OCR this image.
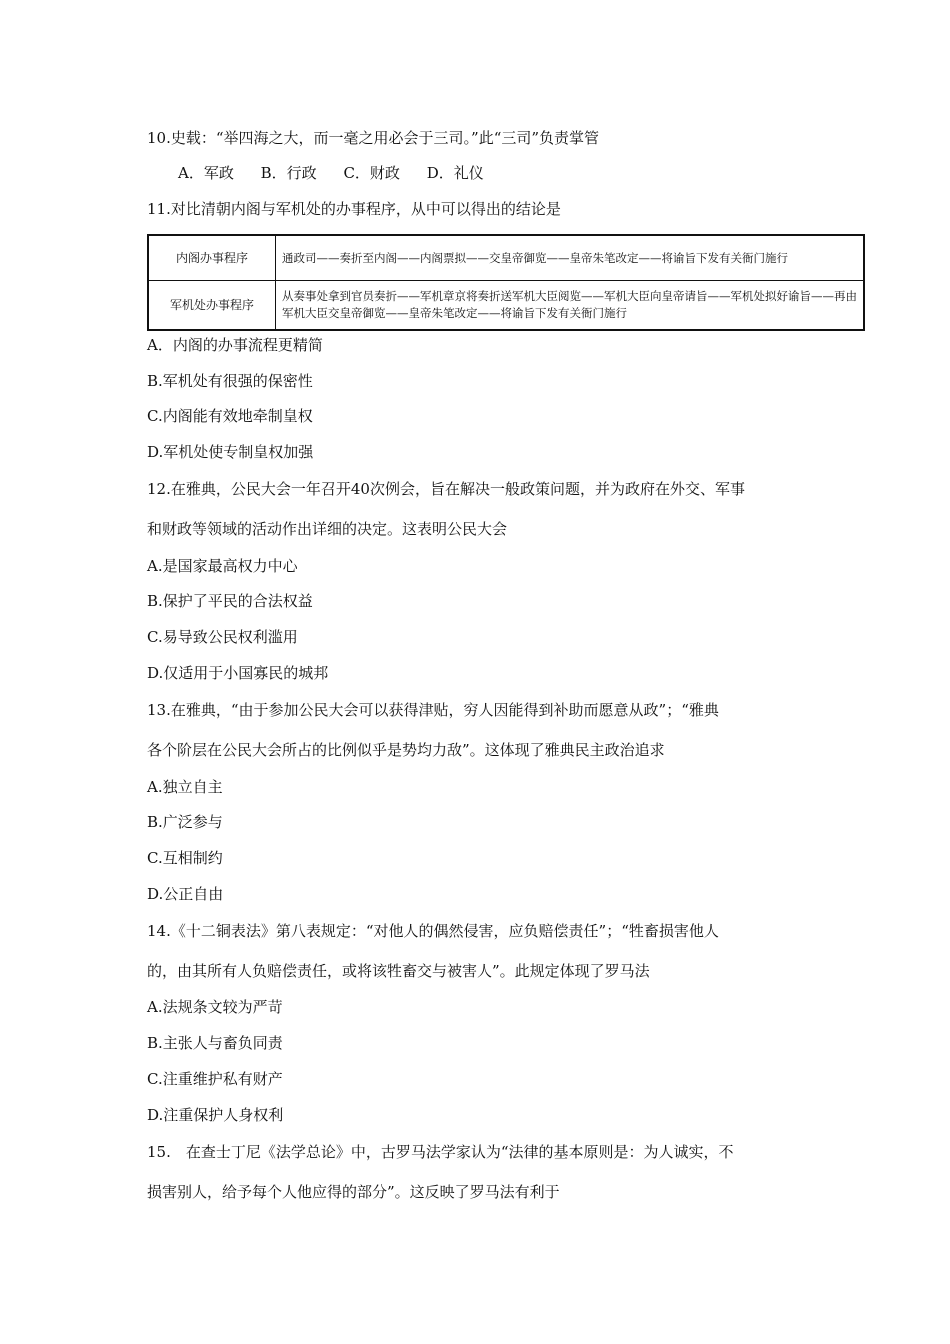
10.史载：“举四海之大，而一毫之用必会于三司。”此“三司”负责掌管
A．军政 B．行政 C．财政 D．礼仪
11.对比清朝内阁与军机处的办事程序，从中可以得出的结论是
内阁办事程序	通政司——奏折至内阁——内阁票拟——交皇帝御览——皇帝朱笔改定——将谕旨下发有关衙门施行
军机处办事程序	从奏事处拿到官员奏折——军机章京将奏折送军机大臣阅览——军机大臣向皇帝请旨——军机处拟好谕旨——再由军机大臣交皇帝御览——皇帝朱笔改定——将谕旨下发有关衙门施行
A．内阁的办事流程更精简
B.军机处有很强的保密性
C.内阁能有效地牵制皇权
D.军机处使专制皇权加强
12.在雅典，公民大会一年召开40次例会，旨在解决一般政策问题，并为政府在外交、军事
和财政等领域的活动作出详细的决定。这表明公民大会
A.是国家最高权力中心
B.保护了平民的合法权益
C.易导致公民权利滥用
D.仅适用于小国寡民的城邦
13.在雅典，“由于参加公民大会可以获得津贴，穷人因能得到补助而愿意从政”；“雅典
各个阶层在公民大会所占的比例似乎是势均力敌”。这体现了雅典民主政治追求
A.独立自主
B.广泛参与
C.互相制约
D.公正自由
14.《十二铜表法》第八表规定：“对他人的偶然侵害，应负赔偿责任”；“牲畜损害他人
的，由其所有人负赔偿责任，或将该牲畜交与被害人”。此规定体现了罗马法
A.法规条文较为严苛
B.主张人与畜负同责
C.注重维护私有财产
D.注重保护人身权利
15.　在查士丁尼《法学总论》中，古罗马法学家认为“法律的基本原则是：为人诚实，不
损害别人，给予每个人他应得的部分”。这反映了罗马法有利于
